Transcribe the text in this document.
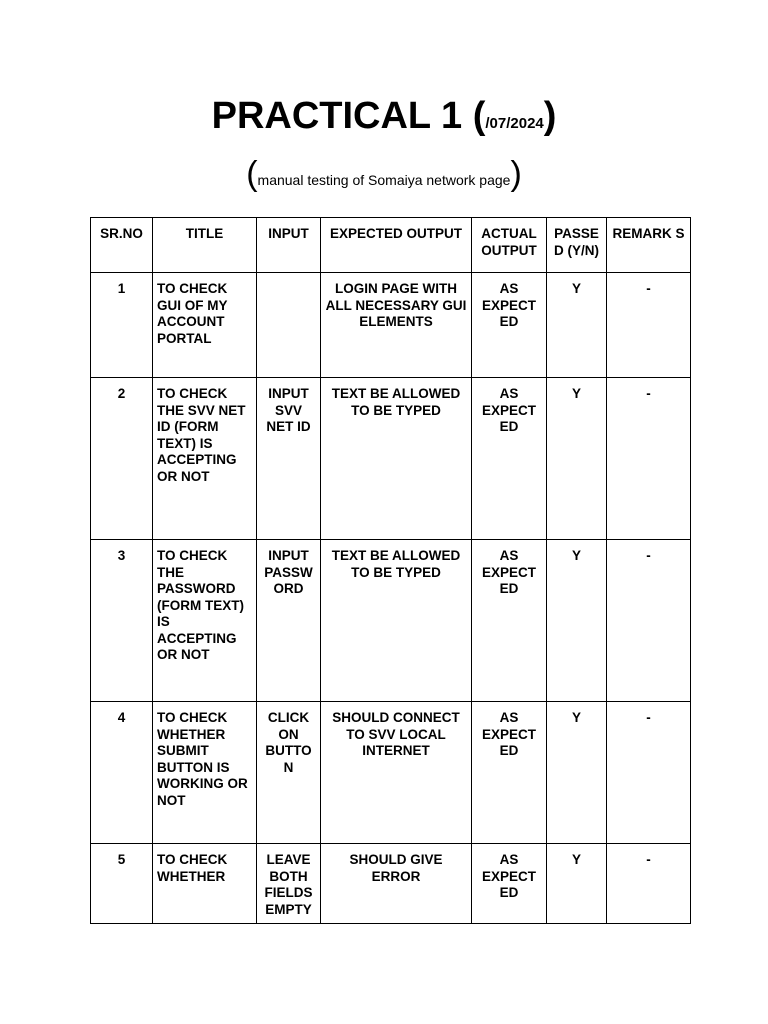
PRACTICAL 1 (/07/2024)
(manual testing of Somaiya network page)
SR.NO	TITLE	INPUT	EXPECTED OUTPUT	ACTUAL OUTPUT	PASSE D (Y/N)	REMARK S
1	TO CHECK GUI OF MY ACCOUNT PORTAL		LOGIN PAGE WITH ALL NECESSARY GUI ELEMENTS	AS EXPECT ED	Y	-
2	TO CHECK THE SVV NET ID (FORM TEXT) IS ACCEPTING OR NOT	INPUT SVV NET ID	TEXT BE ALLOWED TO BE TYPED	AS EXPECT ED	Y	-
3	TO CHECK THE PASSWORD (FORM TEXT) IS ACCEPTING OR NOT	INPUT PASSW ORD	TEXT BE ALLOWED TO BE TYPED	AS EXPECT ED	Y	-
4	TO CHECK WHETHER SUBMIT BUTTON IS WORKING OR NOT	CLICK ON BUTTO N	SHOULD CONNECT TO SVV LOCAL INTERNET	AS EXPECT ED	Y	-
5	TO CHECK WHETHER	LEAVE BOTH FIELDS EMPTY	SHOULD GIVE ERROR	AS EXPECT ED	Y	-
